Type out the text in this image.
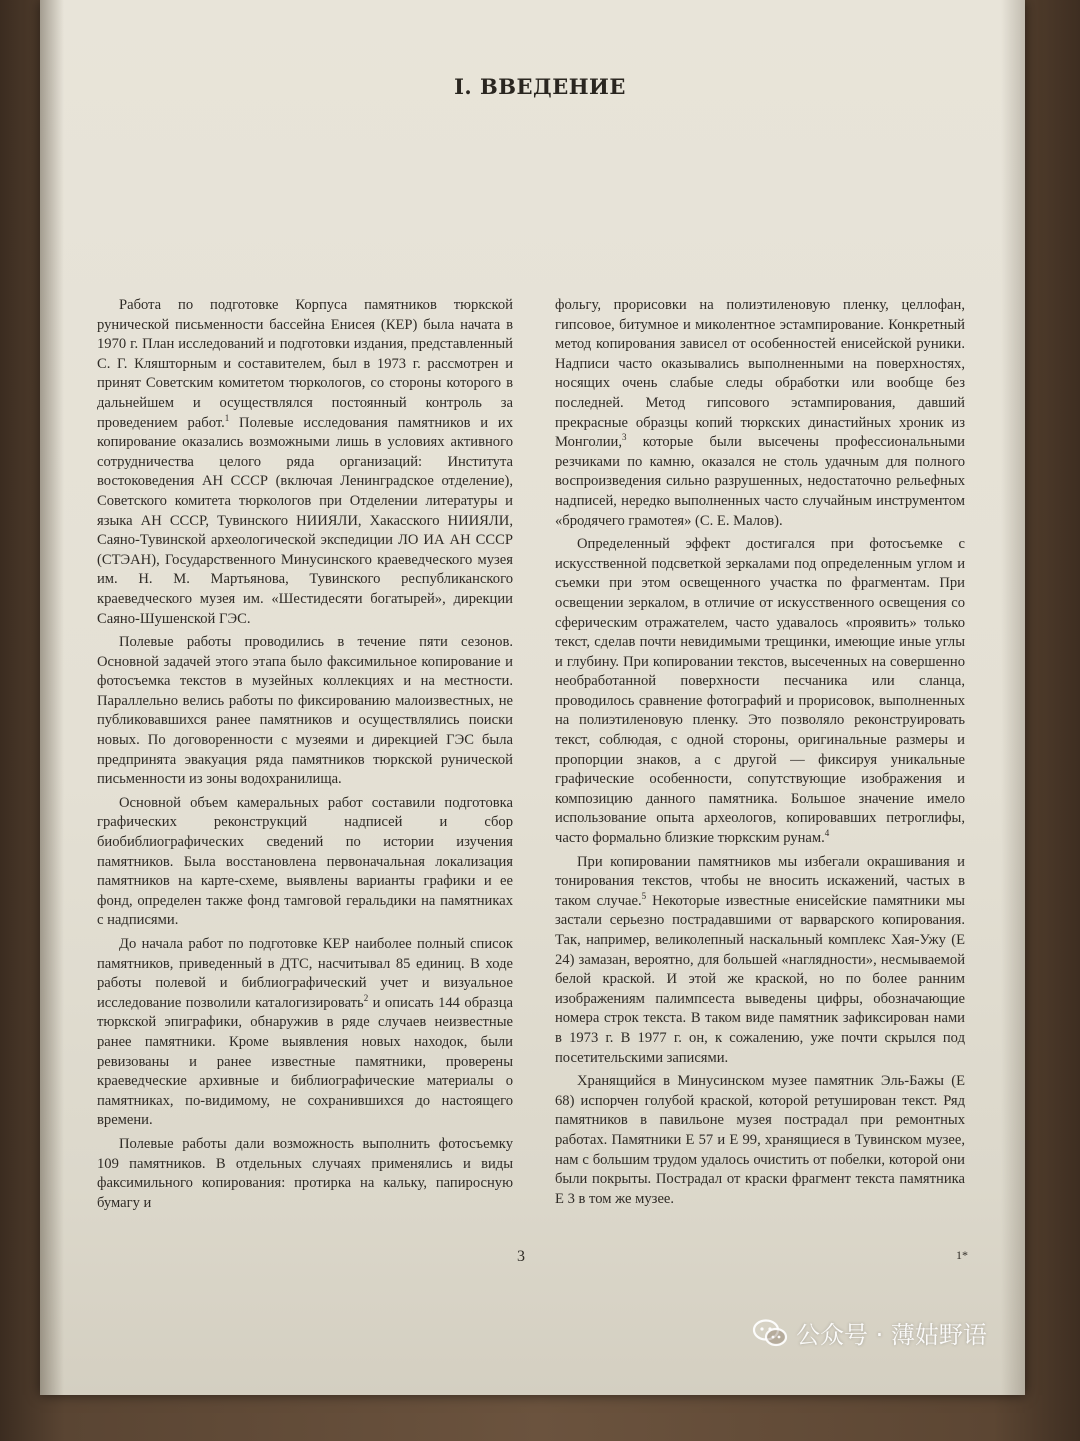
I. ВВЕДЕНИЕ

Работа по подготовке Корпуса памятников тюркской рунической письменности бассейна Енисея (КЕР) была начата в 1970 г. План исследований и подготовки издания, представленный С. Г. Кляшторным и составителем, был в 1973 г. рассмотрен и принят Советским комитетом тюркологов, со стороны которого в дальнейшем и осуществлялся постоянный контроль за проведением работ.$^1$ Полевые исследования памятников и их копирование оказались возможными лишь в условиях активного сотрудничества целого ряда организаций: Института востоковедения АН СССР (включая Ленинградское отделение), Советского комитета тюркологов при Отделении литературы и языка АН СССР, Тувинского НИИЯЛИ, Хакасского НИИЯЛИ, Саяно-Тувинской археологической экспедиции ЛО ИА АН СССР (СТЭАН), Государственного Минусинского краеведческого музея им. Н. М. Мартьянова, Тувинского республиканского краеведческого музея им. «Шестидесяти богатырей», дирекции Саяно-Шушенской ГЭС.

Полевые работы проводились в течение пяти сезонов. Основной задачей этого этапа было факсимильное копирование и фотосъемка текстов в музейных коллекциях и на местности. Параллельно велись работы по фиксированию малоизвестных, не публиковавшихся ранее памятников и осуществлялись поиски новых. По договоренности с музеями и дирекцией ГЭС была предпринята эвакуация ряда памятников тюркской рунической письменности из зоны водохранилища.

Основной объем камеральных работ составили подготовка графических реконструкций надписей и сбор биобиблиографических сведений по истории изучения памятников. Была восстановлена первоначальная локализация памятников на карте-схеме, выявлены варианты графики и ее фонд, определен также фонд тамговой геральдики на памятниках с надписями.

До начала работ по подготовке КЕР наиболее полный список памятников, приведенный в ДТС, насчитывал 85 единиц. В ходе работы полевой и библиографический учет и визуальное исследование позволили каталогизировать$^2$ и описать 144 образца тюркской эпиграфики, обнаружив в ряде случаев неизвестные ранее памятники. Кроме выявления новых находок, были ревизованы и ранее известные памятники, проверены краеведческие архивные и библиографические материалы о памятниках, по-видимому, не сохранившихся до настоящего времени.

Полевые работы дали возможность выполнить фотосъемку 109 памятников. В отдельных случаях применялись и виды факсимильного копирования: протирка на кальку, папиросную бумагу и

фольгу, прорисовки на полиэтиленовую пленку, целлофан, гипсовое, битумное и миколентное эстампирование. Конкретный метод копирования зависел от особенностей енисейской руники. Надписи часто оказывались выполненными на поверхностях, носящих очень слабые следы обработки или вообще без последней. Метод гипсового эстампирования, давший прекрасные образцы копий тюркских династийных хроник из Монголии,$^3$ которые были высечены профессиональными резчиками по камню, оказался не столь удачным для полного воспроизведения сильно разрушенных, недостаточно рельефных надписей, нередко выполненных часто случайным инструментом «бродячего грамотея» (С. Е. Малов).

Определенный эффект достигался при фотосъемке с искусственной подсветкой зеркалами под определенным углом и съемки при этом освещенного участка по фрагментам. При освещении зеркалом, в отличие от искусственного освещения со сферическим отражателем, часто удавалось «проявить» только текст, сделав почти невидимыми трещинки, имеющие иные углы и глубину. При копировании текстов, высеченных на совершенно необработанной поверхности песчаника или сланца, проводилось сравнение фотографий и прорисовок, выполненных на полиэтиленовую пленку. Это позволяло реконструировать текст, соблюдая, с одной стороны, оригинальные размеры и пропорции знаков, а с другой — фиксируя уникальные графические особенности, сопутствующие изображения и композицию данного памятника. Большое значение имело использование опыта археологов, копировавших петроглифы, часто формально близкие тюркским рунам.$^4$

При копировании памятников мы избегали окрашивания и тонирования текстов, чтобы не вносить искажений, частых в таком случае.$^5$ Некоторые известные енисейские памятники мы застали серьезно пострадавшими от варварского копирования. Так, например, великолепный наскальный комплекс Хая-Ужу (Е 24) замазан, вероятно, для большей «наглядности», несмываемой белой краской. И этой же краской, но по более ранним изображениям палимпсеста выведены цифры, обозначающие номера строк текста. В таком виде памятник зафиксирован нами в 1973 г. В 1977 г. он, к сожалению, уже почти скрылся под посетительскими записями.

Хранящийся в Минусинском музее памятник Эль-Бажы (Е 68) испорчен голубой краской, которой ретуширован текст. Ряд памятников в павильоне музея пострадал при ремонтных работах. Памятники Е 57 и Е 99, хранящиеся в Тувинском музее, нам с большим трудом удалось очистить от побелки, которой они были покрыты. Пострадал от краски фрагмент текста памятника Е 3 в том же музее.

3	1*
公众号 · 薄姑野语
